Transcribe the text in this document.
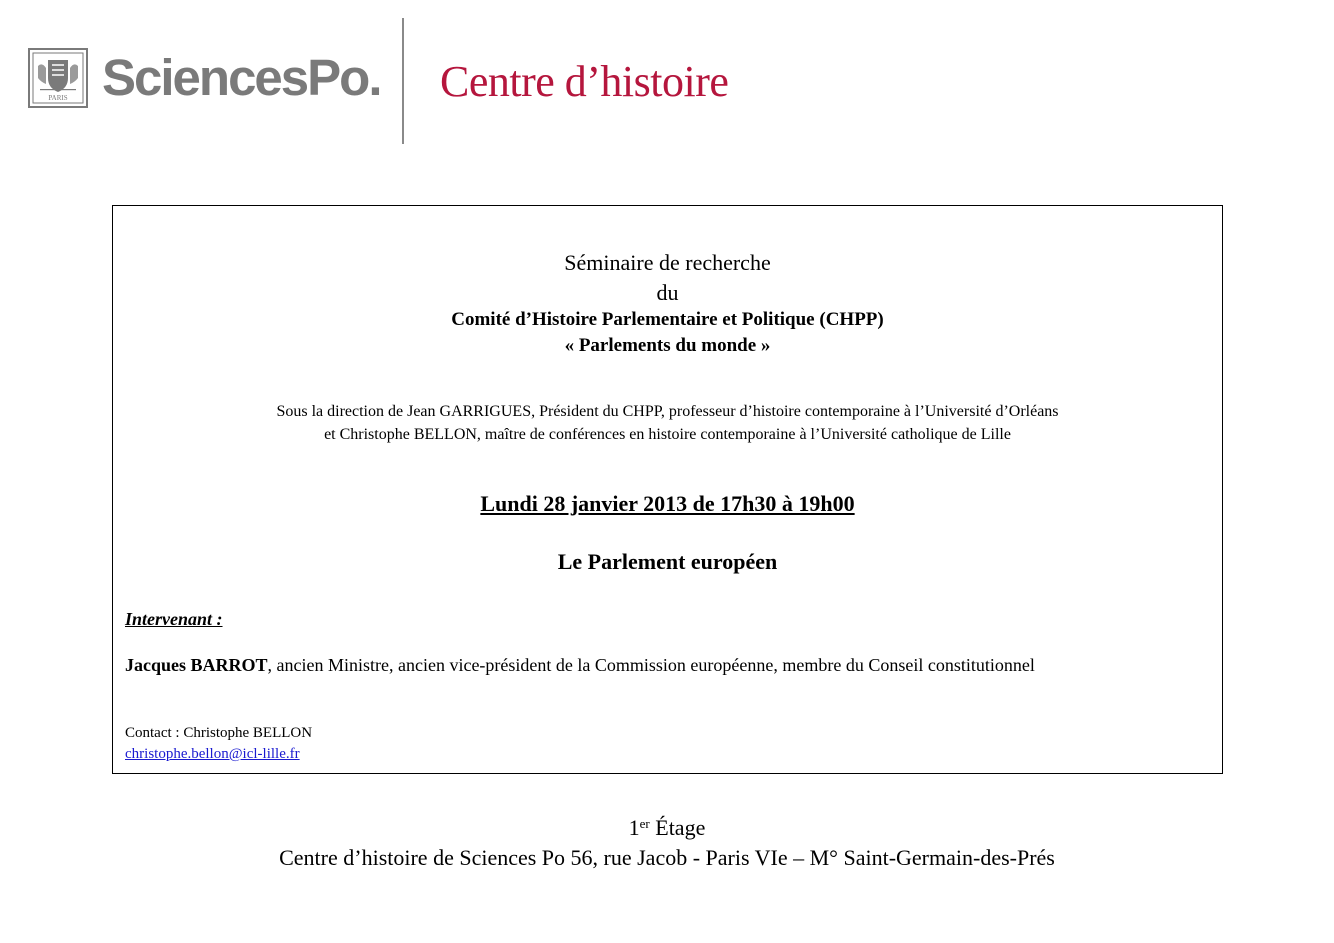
PARIS SciencesPo. Centre d’histoire
Séminaire de recherche
du
Comité d’Histoire Parlementaire et Politique (CHPP)
« Parlements du monde »
Sous la direction de Jean GARRIGUES, Président du CHPP, professeur d’histoire contemporaine à l’Université d’Orléans
et Christophe BELLON, maître de conférences en histoire contemporaine à l’Université catholique de Lille
Lundi 28 janvier 2013 de 17h30 à 19h00
Le Parlement européen
Intervenant :
Jacques BARROT, ancien Ministre, ancien vice-président de la Commission européenne, membre du Conseil constitutionnel
Contact : Christophe BELLON
christophe.bellon@icl-lille.fr
1er Étage
Centre d’histoire de Sciences Po 56, rue Jacob - Paris VIe – M° Saint-Germain-des-Prés
